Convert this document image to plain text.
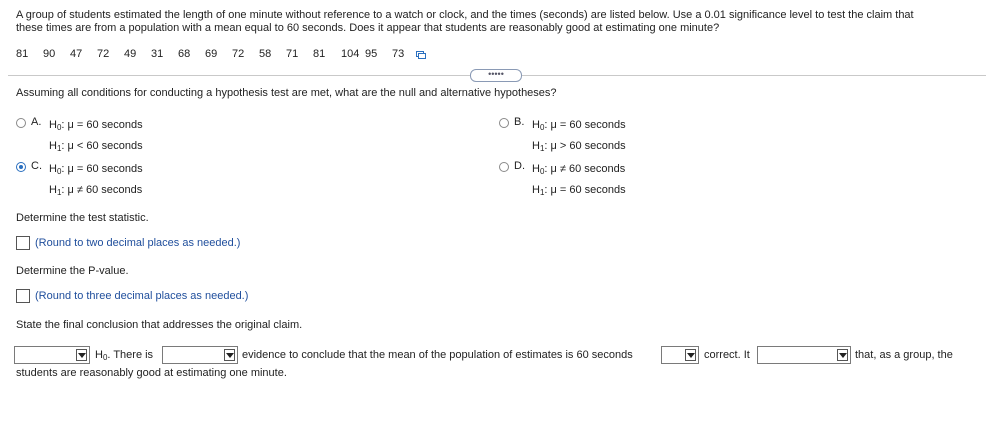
A group of students estimated the length of one minute without reference to a watch or clock, and the times (seconds) are listed below. Use a 0.01 significance level to test the claim that
these times are from a population with a mean equal to 60 seconds. Does it appear that students are reasonably good at estimating one minute?
81	90	47	72	49	31	68	69	72	58	71	81	104 95	73
•••••
Assuming all conditions for conducting a hypothesis test are met, what are the null and alternative hypotheses?
A. $H_0$: μ = 60 seconds
$H_1$: μ < 60 seconds
B. $H_0$: μ = 60 seconds
$H_1$: μ > 60 seconds
C. $H_0$: μ = 60 seconds
$H_1$: μ ≠ 60 seconds
D. $H_0$: μ ≠ 60 seconds
$H_1$: μ = 60 seconds
Determine the test statistic.
(Round to two decimal places as needed.)
Determine the P-value.
(Round to three decimal places as needed.)
State the final conclusion that addresses the original claim.
$H_0$. There is	evidence to conclude that the mean of the population of estimates is 60 seconds	correct. It	that, as a group, the
students are reasonably good at estimating one minute.
